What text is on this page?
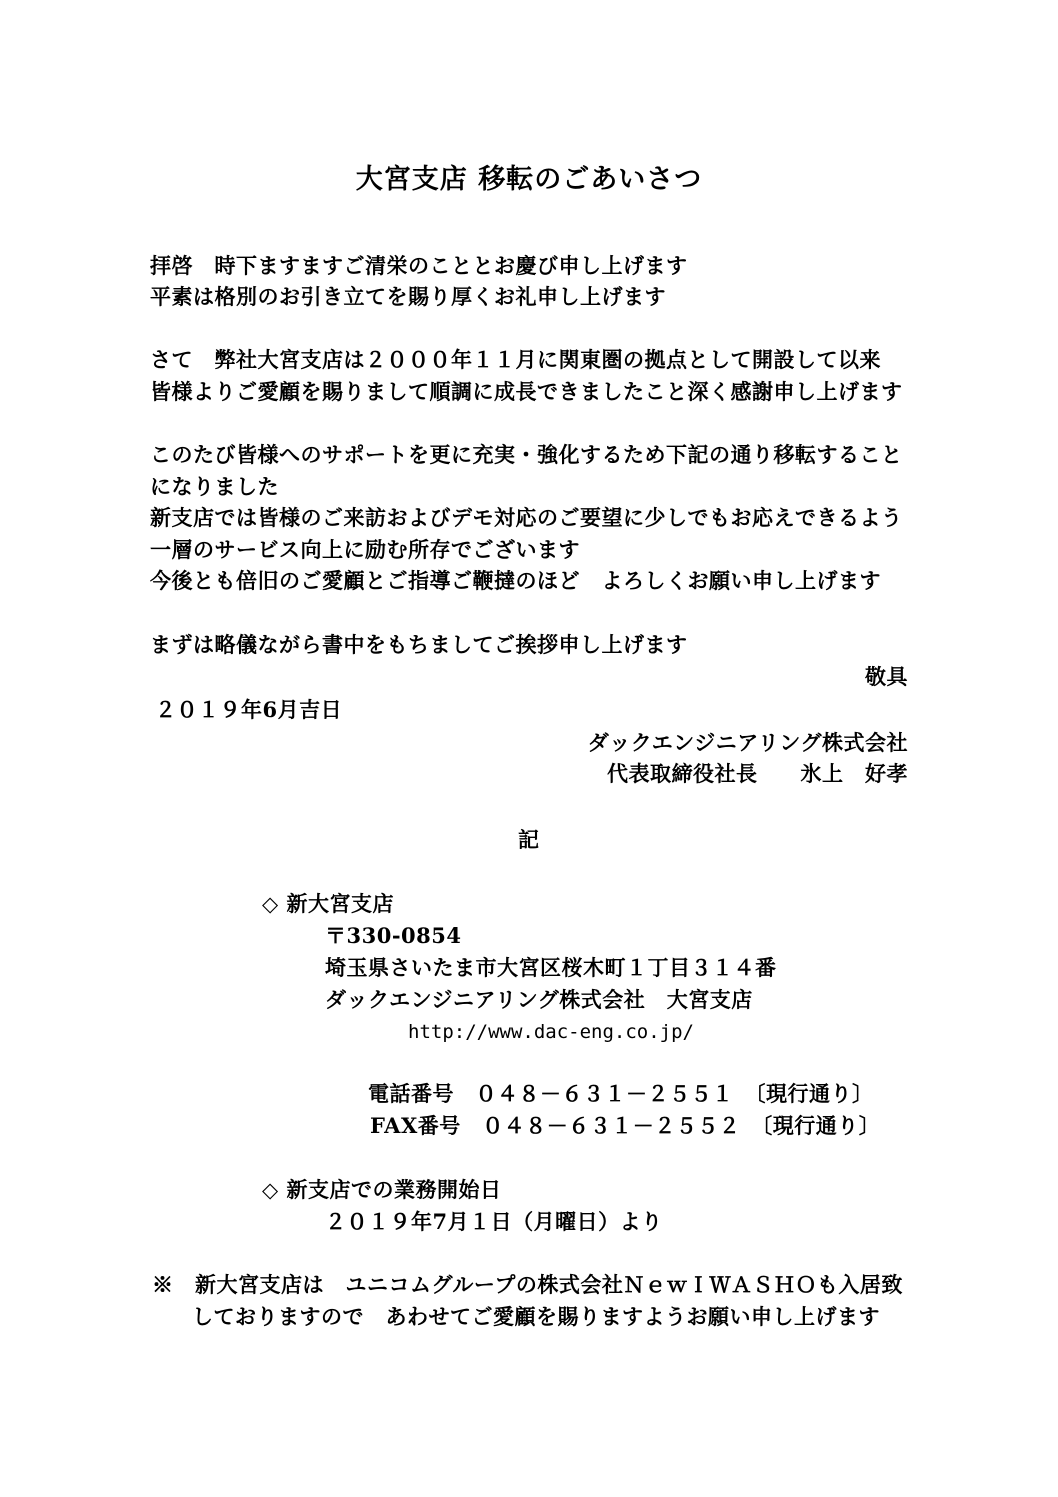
大宮支店 移転のごあいさつ
拝啓　時下ますますご清栄のこととお慶び申し上げます
平素は格別のお引き立てを賜り厚くお礼申し上げます
さて　弊社大宮支店は２０００年１１月に関東圏の拠点として開設して以来
皆様よりご愛顧を賜りまして順調に成長できましたこと深く感謝申し上げます
このたび皆様へのサポートを更に充実・強化するため下記の通り移転すること
になりました
新支店では皆様のご来訪およびデモ対応のご要望に少しでもお応えできるよう
一層のサービス向上に励む所存でございます
今後とも倍旧のご愛顧とご指導ご鞭撻のほど　よろしくお願い申し上げます
まずは略儀ながら書中をもちましてご挨拶申し上げます
敬具
２０１９年6月吉日
ダックエンジニアリング株式会社
代表取締役社長　　氷上　好孝
記
◇ 新大宮支店
〒330-0854
埼玉県さいたま市大宮区桜木町１丁目３１４番
ダックエンジニアリング株式会社　大宮支店
http://www.dac-eng.co.jp/
電話番号　０４８－６３１－２５５１　〔現行通り〕
FAX番号　０４８－６３１－２５５２　〔現行通り〕
◇ 新支店での業務開始日
２０１９年7月１日（月曜日）より
※　新大宮支店は　ユニコムグループの株式会社ＮｅｗＩＷＡＳＨＯも入居致
しておりますので　あわせてご愛顧を賜りますようお願い申し上げます
